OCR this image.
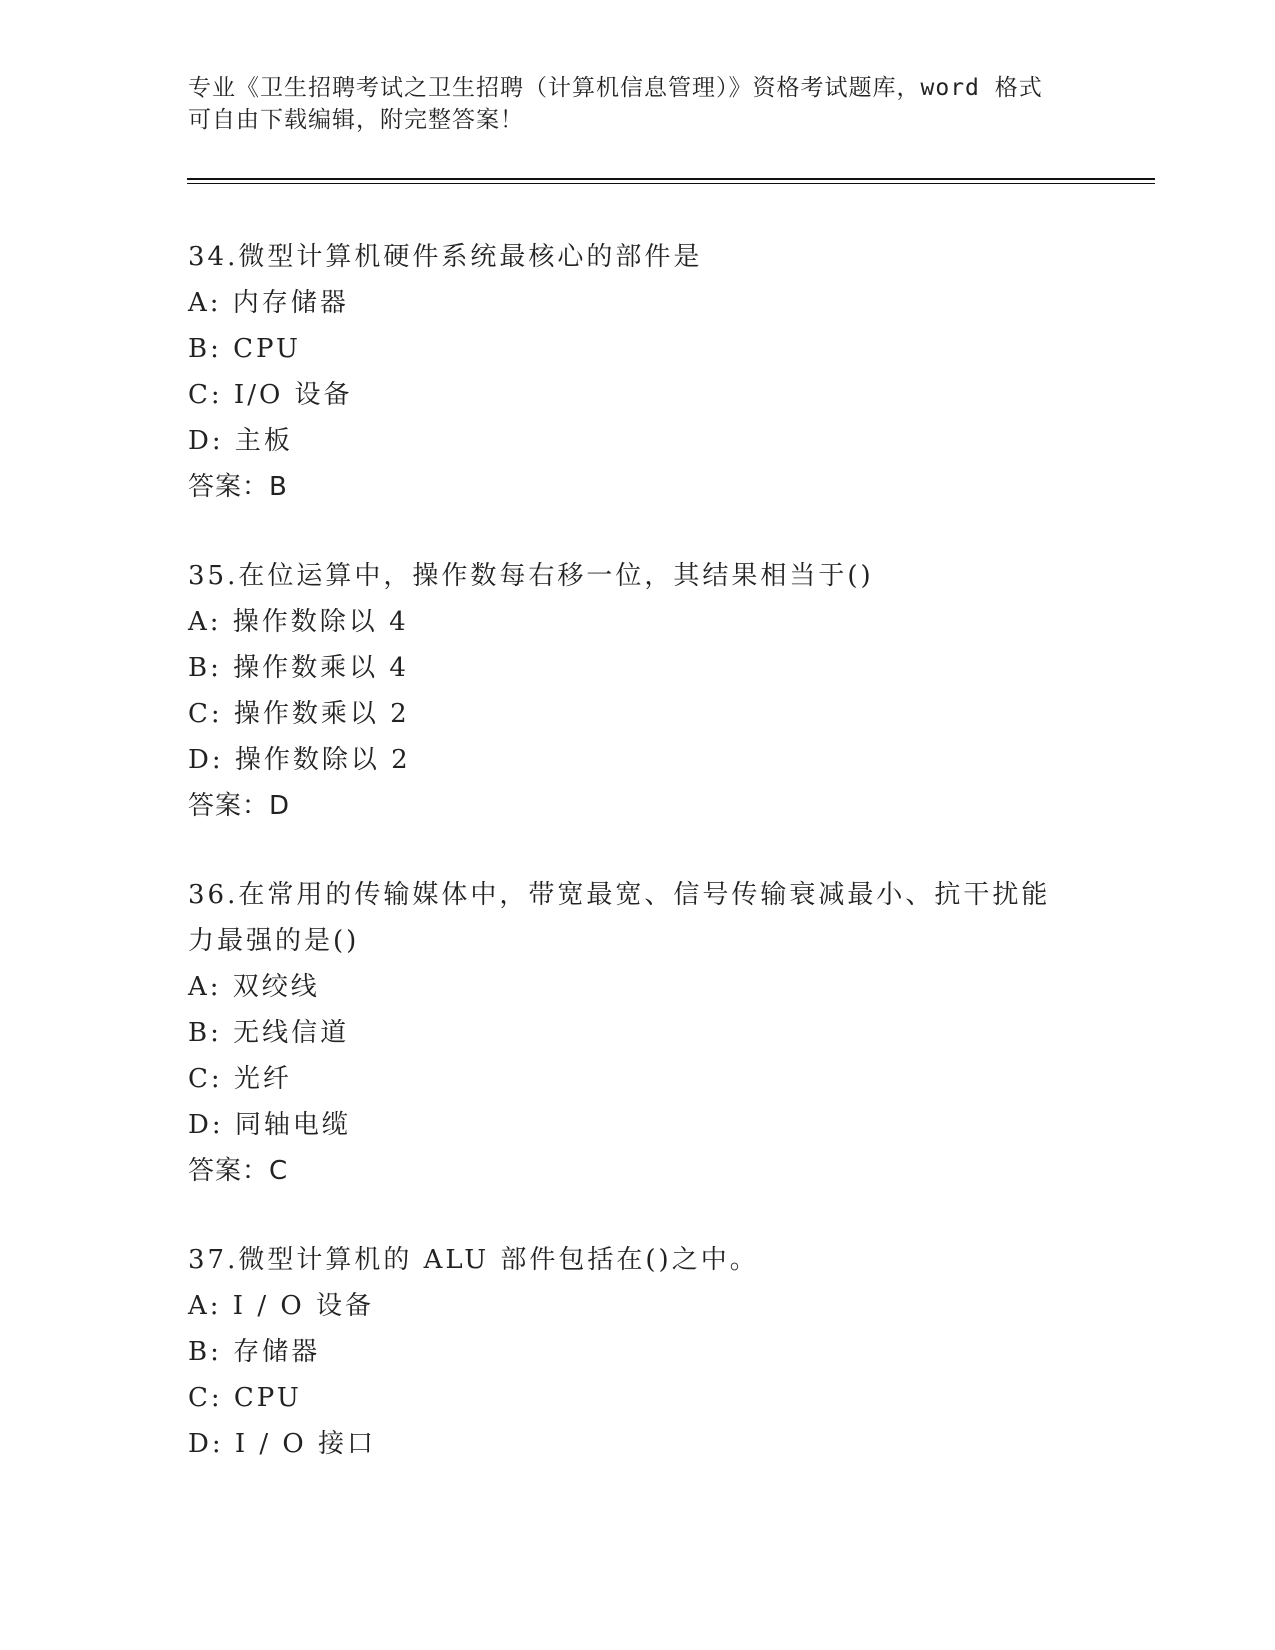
专业《卫生招聘考试之卫生招聘（计算机信息管理）》资格考试题库，word 格式
可自由下载编辑，附完整答案！
34.微型计算机硬件系统最核心的部件是
A: 内存储器
B: CPU
C: I/O 设备
D: 主板
答案：B
35.在位运算中，操作数每右移一位，其结果相当于()
A: 操作数除以 4
B: 操作数乘以 4
C: 操作数乘以 2
D: 操作数除以 2
答案：D
36.在常用的传输媒体中，带宽最宽、信号传输衰减最小、抗干扰能力最强的是()
A: 双绞线
B: 无线信道
C: 光纤
D: 同轴电缆
答案：C
37.微型计算机的 ALU 部件包括在()之中。
A: I / O 设备
B: 存储器
C: CPU
D: I / O 接口
